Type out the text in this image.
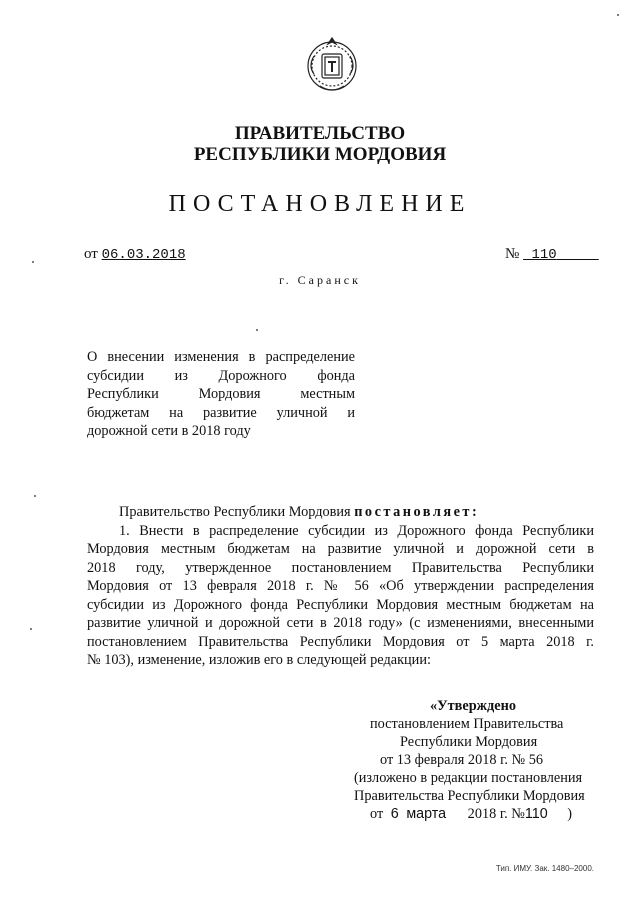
ПРАВИТЕЛЬСТВО
РЕСПУБЛИКИ МОРДОВИЯ
ПОСТАНОВЛЕНИЕ
от 06.03.2018	№ 110
г. Саранск
О внесении изменения в распределение
субсидии из Дорожного фонда
Республики Мордовия местным
бюджетам на развитие уличной и
дорожной сети в 2018 году
Правительство Республики Мордовия постановляет:
1. Внести в распределение субсидии из Дорожного фонда Республики
Мордовия местным бюджетам на развитие уличной и дорожной сети в
2018 году, утвержденное постановлением Правительства Республики
Мордовия от 13 февраля 2018 г. № 56 «Об утверждении распределения
субсидии из Дорожного фонда Республики Мордовия местным бюджетам на
развитие уличной и дорожной сети в 2018 году» (с изменениями, внесенными
постановлением Правительства Республики Мордовия от 5 марта 2018 г.
№ 103), изменение, изложив его в следующей редакции:
«Утверждено
постановлением Правительства
Республики Мордовия
от 13 февраля 2018 г. № 56
(изложено в редакции постановления
Правительства Республики Мордовия
от 6 марта 2018 г. №110 )
Тип. ИМУ. Зак. 1480–2000.
